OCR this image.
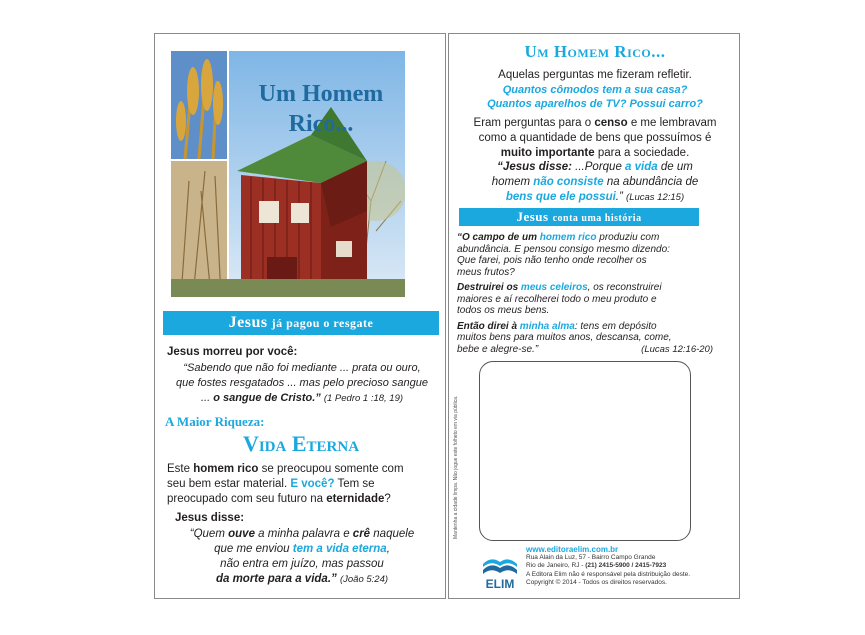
Um Homem
Rico...
Jesus já pagou o resgate
Jesus morreu por você:
“Sabendo que não foi mediante ... prata ou ouro,
que fostes resgatados ... mas pelo precioso sangue
... o sangue de Cristo.” (1 Pedro 1 :18, 19)
A Maior Riqueza:
Vida Eterna
Este homem rico se preocupou somente com
seu bem estar material. E você? Tem se
preocupado com seu futuro na eternidade?
Jesus disse:
“Quem ouve a minha palavra e crê naquele
que me enviou tem a vida eterna,
não entra em juízo, mas passou
da morte para a vida.” (João 5:24)
Um Homem Rico...
Aquelas perguntas me fizeram refletir.
Quantos cômodos tem a sua casa?
Quantos aparelhos de TV? Possui carro?
Eram perguntas para o censo e me lembravam
como a quantidade de bens que possuímos é
muito importante para a sociedade.
“Jesus disse: ...Porque a vida de um
homem não consiste na abundância de
bens que ele possui.” (Lucas 12:15)
Jesus conta uma história
“O campo de um homem rico produziu com
abundância. E pensou consigo mesmo dizendo:
Que farei, pois não tenho onde recolher os
meus frutos?
Destruirei os meus celeiros, os reconstruirei
maiores e aí recolherei todo o meu produto e
todos os meus bens.
Então direi à minha alma: tens em depósito
muitos bens para muitos anos, descansa, come,
bebe e alegre-se.”	(Lucas 12:16-20)
Mantenha a cidade limpa. Não jogue este folheto em via pública.
ELIM
www.editoraelim.com.br
Rua Alain da Luz, 57 - Bairro Campo Grande
Rio de Janeiro, RJ - (21) 2415-5900 / 2415-7923
A Editora Elim não é responsável pela distribuição deste.
Copyright © 2014 - Todos os direitos reservados.
